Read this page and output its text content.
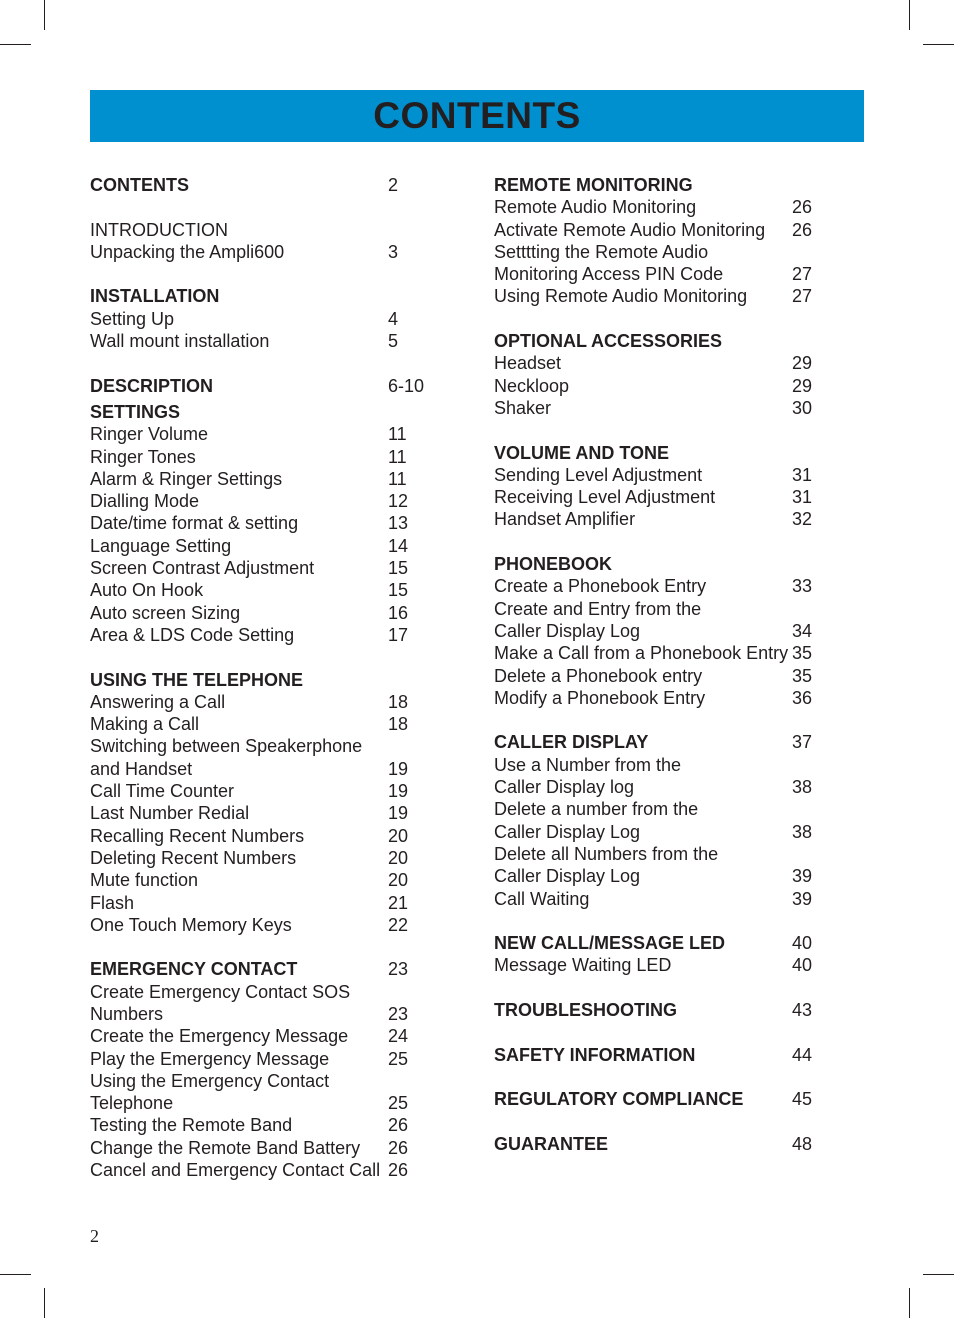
CONTENTS
CONTENTS	2
INTRODUCTION
Unpacking the Ampli600	3
INSTALLATION
Setting Up	4
Wall mount installation	5
DESCRIPTION	6-10
SETTINGS
Ringer Volume	11
Ringer Tones	11
Alarm & Ringer Settings	11
Dialling Mode	12
Date/time format & setting	13
Language Setting	14
Screen Contrast Adjustment	15
Auto On Hook	15
Auto screen Sizing	16
Area & LDS Code Setting	17
USING THE TELEPHONE
Answering a Call	18
Making a Call	18
Switching between Speakerphone
and Handset	19
Call Time Counter	19
Last Number Redial	19
Recalling Recent Numbers	20
Deleting Recent Numbers	20
Mute function	20
Flash	21
One Touch Memory Keys	22
EMERGENCY CONTACT	23
Create Emergency Contact SOS
Numbers	23
Create the Emergency Message 24
Play the Emergency Message	25
Using the Emergency Contact
Telephone	25
Testing the Remote Band	26
Change the Remote Band Battery 26
Cancel and Emergency Contact Call 26
REMOTE MONITORING
Remote Audio Monitoring	26
Activate Remote Audio Monitoring 26
Setttting the Remote Audio
Monitoring Access PIN Code	27
Using Remote Audio Monitoring 27
OPTIONAL ACCESSORIES
Headset	29
Neckloop	29
Shaker	30
VOLUME AND TONE
Sending Level Adjustment	31
Receiving Level Adjustment	31
Handset Amplifier	32
PHONEBOOK
Create a Phonebook Entry	33
Create and Entry from the
Caller Display Log	34
Make a Call from a Phonebook Entry 35
Delete a Phonebook entry	35
Modify a Phonebook Entry	36
CALLER DISPLAY	37
Use a Number from the
Caller Display log	38
Delete a number from the
Caller Display Log	38
Delete all Numbers from the
Caller Display Log	39
Call Waiting	39
NEW CALL/MESSAGE LED	40
Message Waiting LED	40
TROUBLESHOOTING	43
SAFETY INFORMATION	44
REGULATORY COMPLIANCE	45
GUARANTEE	48
2
